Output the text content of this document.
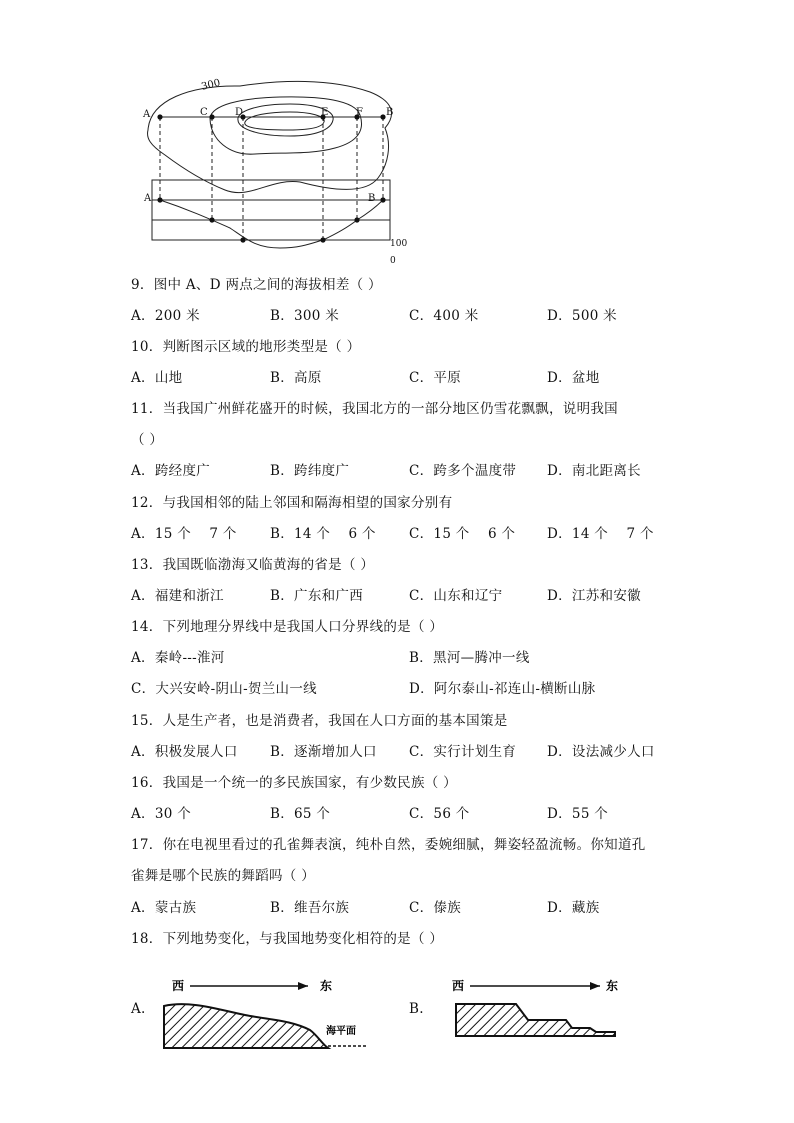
300
A	C	D	E	F B
A	B
100
0
9．图中 A、D 两点之间的海拔相差（ ）
A．200 米	B．300 米	C．400 米	D．500 米
10．判断图示区域的地形类型是（ ）
A．山地	B．高原	C．平原	D．盆地
11．当我国广州鲜花盛开的时候，我国北方的一部分地区仍雪花飘飘，说明我国
（ ）
A．跨经度广	B．跨纬度广	C．跨多个温度带 D．南北距离长
12．与我国相邻的陆上邻国和隔海相望的国家分别有
A．15 个    7 个 B．14 个    6 个 C．15 个    6 个 D．14 个    7 个
13．我国既临渤海又临黄海的省是（ ）
A．福建和浙江	B．广东和广西	C．山东和辽宁	D．江苏和安徽
14．下列地理分界线中是我国人口分界线的是（ ）
A．秦岭---淮河	B．黑河—腾冲一线
C．大兴安岭-阴山-贺兰山一线	D．阿尔泰山-祁连山-横断山脉
15．人是生产者，也是消费者，我国在人口方面的基本国策是
A．积极发展人口 B．逐渐增加人口 C．实行计划生育 D．设法减少人口
16．我国是一个统一的多民族国家，有少数民族（ ）
A．30 个	B．65 个	C．56 个	D．55 个
17．你在电视里看过的孔雀舞表演，纯朴自然，委婉细腻，舞姿轻盈流畅。你知道孔
雀舞是哪个民族的舞蹈吗（ ）
A．蒙古族	B．维吾尔族	C．傣族	D．藏族
18．下列地势变化，与我国地势变化相符的是（ ）
A.
西	东
海平面
B.
西	东
